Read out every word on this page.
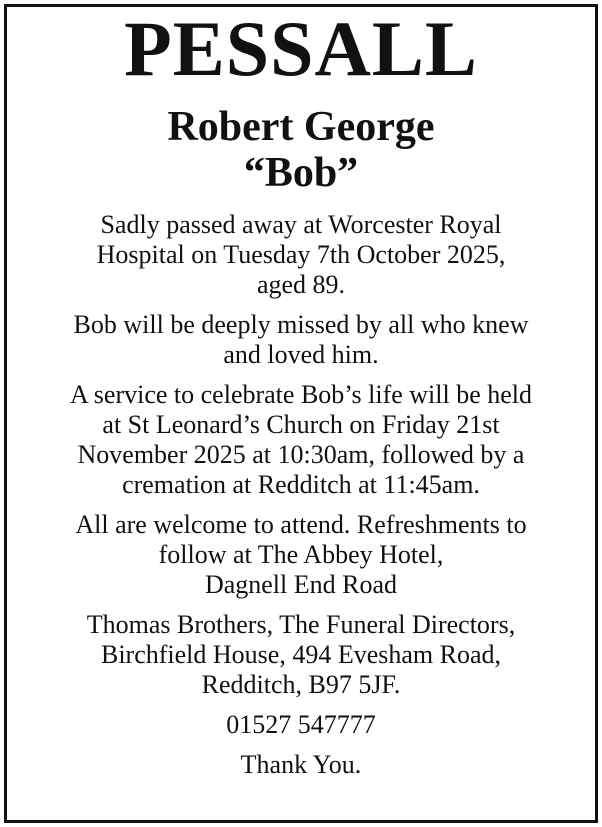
PESSALL
Robert George
“Bob”

Sadly passed away at Worcester Royal
Hospital on Tuesday 7th October 2025,
aged 89.

Bob will be deeply missed by all who knew
and loved him.

A service to celebrate Bob’s life will be held
at St Leonard’s Church on Friday 21st
November 2025 at 10:30am, followed by a
cremation at Redditch at 11:45am.

All are welcome to attend. Refreshments to
follow at The Abbey Hotel,
Dagnell End Road

Thomas Brothers, The Funeral Directors,
Birchfield House, 494 Evesham Road,
Redditch, B97 5JF.

01527 547777

Thank You.
